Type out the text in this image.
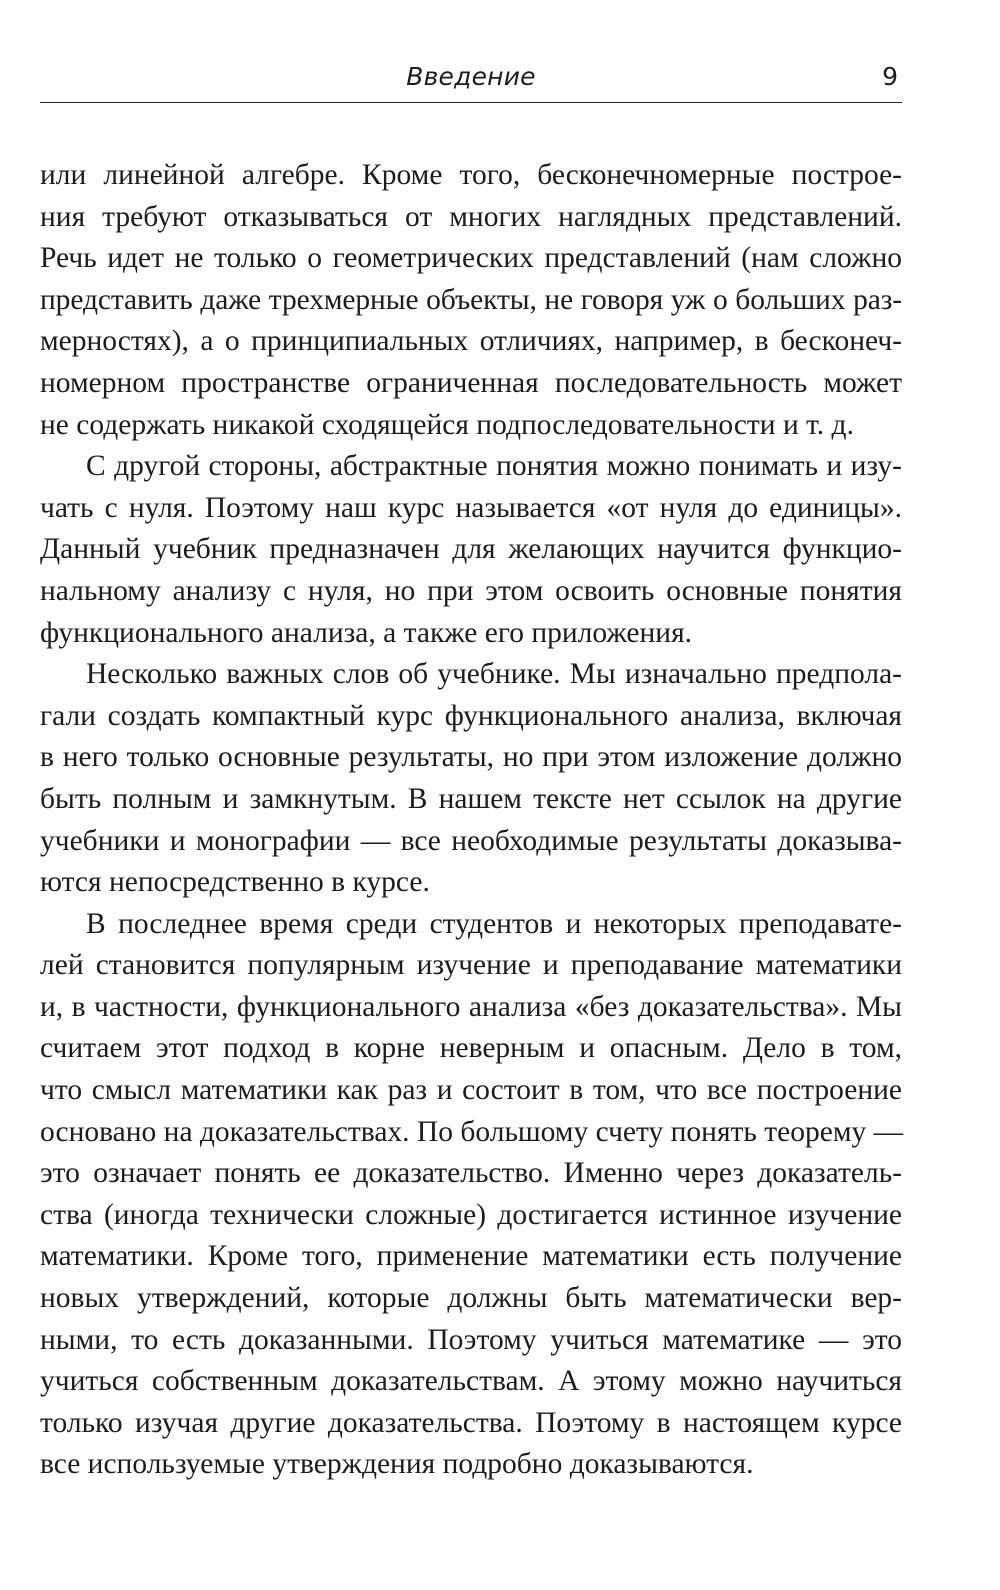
Введение	9
или линейной алгебре. Кроме того, бесконечномерные построе-
ния требуют отказываться от многих наглядных представлений.
Речь идет не только о геометрических представлений (нам сложно
представить даже трехмерные объекты, не говоря уж о больших раз-
мерностях), а о принципиальных отличиях, например, в бесконеч-
номерном пространстве ограниченная последовательность может
не содержать никакой сходящейся подпоследовательности и т. д.
С другой стороны, абстрактные понятия можно понимать и изу-
чать с нуля. Поэтому наш курс называется «от нуля до единицы».
Данный учебник предназначен для желающих научится функцио-
нальному анализу с нуля, но при этом освоить основные понятия
функционального анализа, а также его приложения.
Несколько важных слов об учебнике. Мы изначально предпола-
гали создать компактный курс функционального анализа, включая
в него только основные результаты, но при этом изложение должно
быть полным и замкнутым. В нашем тексте нет ссылок на другие
учебники и монографии — все необходимые результаты доказыва-
ются непосредственно в курсе.
В последнее время среди студентов и некоторых преподавате-
лей становится популярным изучение и преподавание математики
и, в частности, функционального анализа «без доказательства». Мы
считаем этот подход в корне неверным и опасным. Дело в том,
что смысл математики как раз и состоит в том, что все построение
основано на доказательствах. По большому счету понять теорему —
это означает понять ее доказательство. Именно через доказатель-
ства (иногда технически сложные) достигается истинное изучение
математики. Кроме того, применение математики есть получение
новых утверждений, которые должны быть математически вер-
ными, то есть доказанными. Поэтому учиться математике — это
учиться собственным доказательствам. А этому можно научиться
только изучая другие доказательства. Поэтому в настоящем курсе
все используемые утверждения подробно доказываются.
